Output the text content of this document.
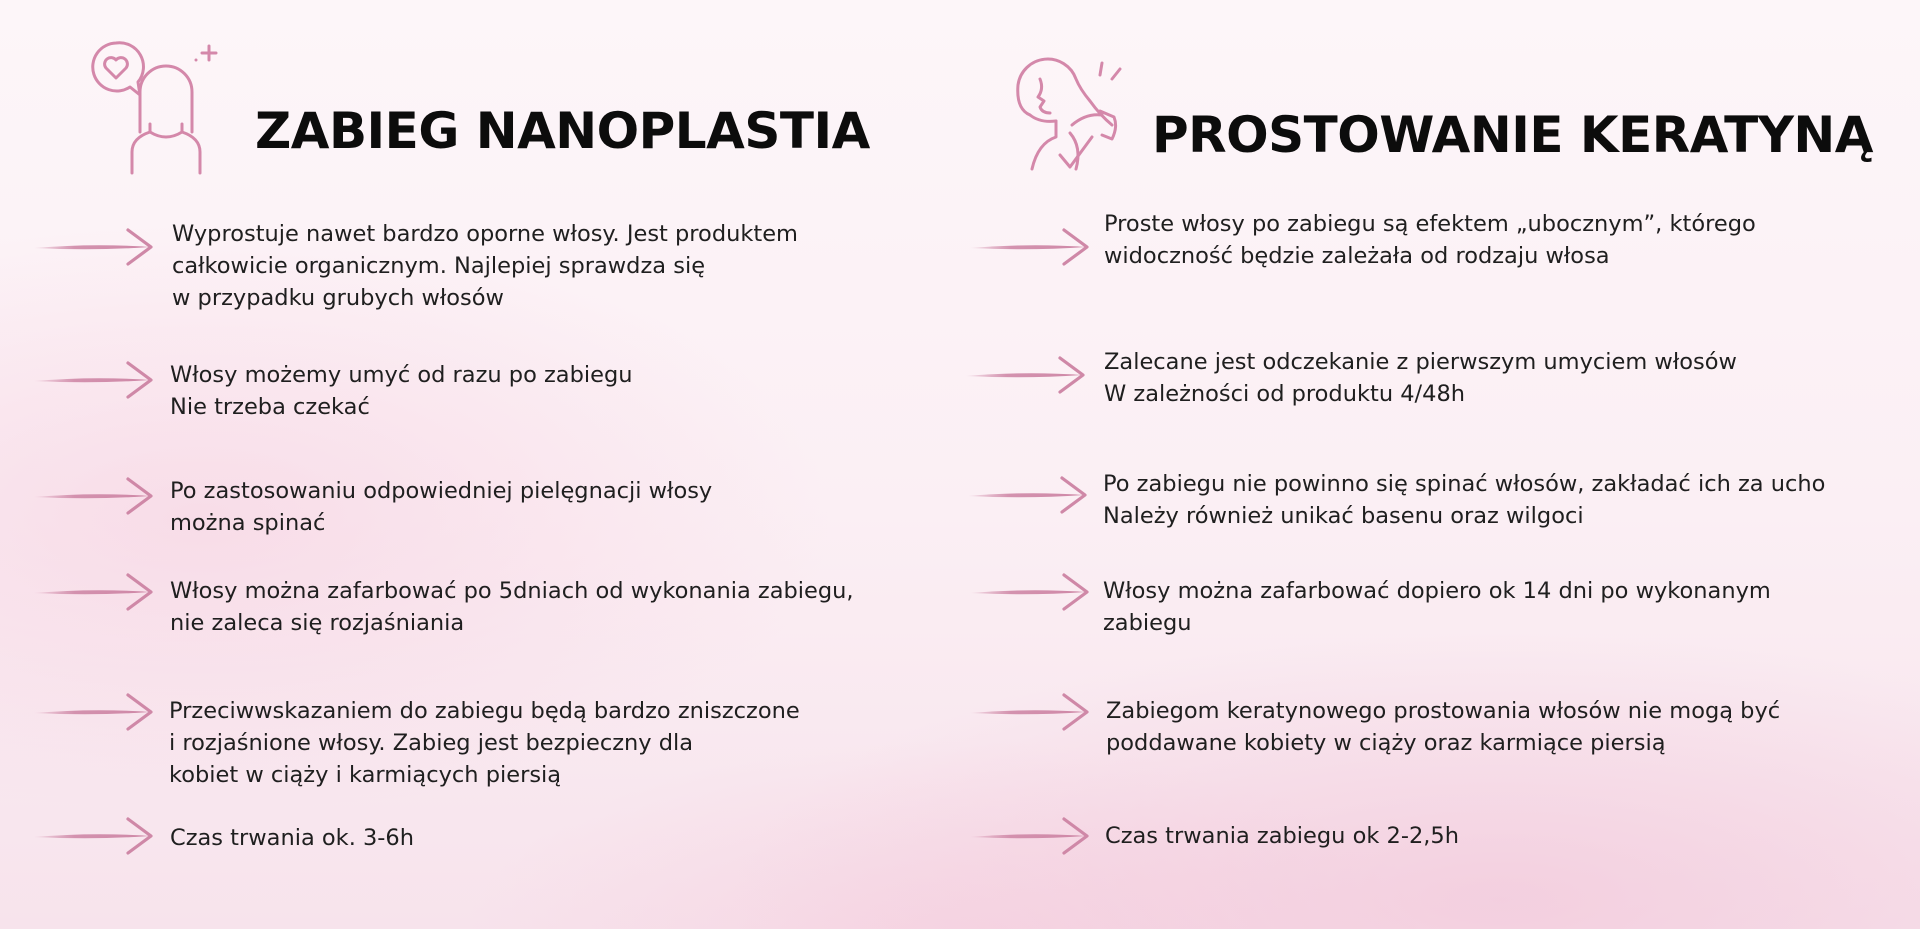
ZABIEG NANOPLASTIA

Wyprostuje nawet bardzo oporne włosy. Jest produktem
całkowicie organicznym. Najlepiej sprawdza się
w przypadku grubych włosów

Włosy możemy umyć od razu po zabiegu
Nie trzeba czekać

Po zastosowaniu odpowiedniej pielęgnacji włosy
można spinać

Włosy można zafarbować po 5dniach od wykonania zabiegu,
nie zaleca się rozjaśniania

Przeciwwskazaniem do zabiegu będą bardzo zniszczone
i rozjaśnione włosy. Zabieg jest bezpieczny dla
kobiet w ciąży i karmiących piersią

Czas trwania ok. 3-6h

PROSTOWANIE KERATYNĄ

Proste włosy po zabiegu są efektem „ubocznym”, którego
widoczność będzie zależała od rodzaju włosa

Zalecane jest odczekanie z pierwszym umyciem włosów
W zależności od produktu 4/48h

Po zabiegu nie powinno się spinać włosów, zakładać ich za ucho
Należy również unikać basenu oraz wilgoci

Włosy można zafarbować dopiero ok 14 dni po wykonanym
zabiegu

Zabiegom keratynowego prostowania włosów nie mogą być
poddawane kobiety w ciąży oraz karmiące piersią

Czas trwania zabiegu ok 2-2,5h
